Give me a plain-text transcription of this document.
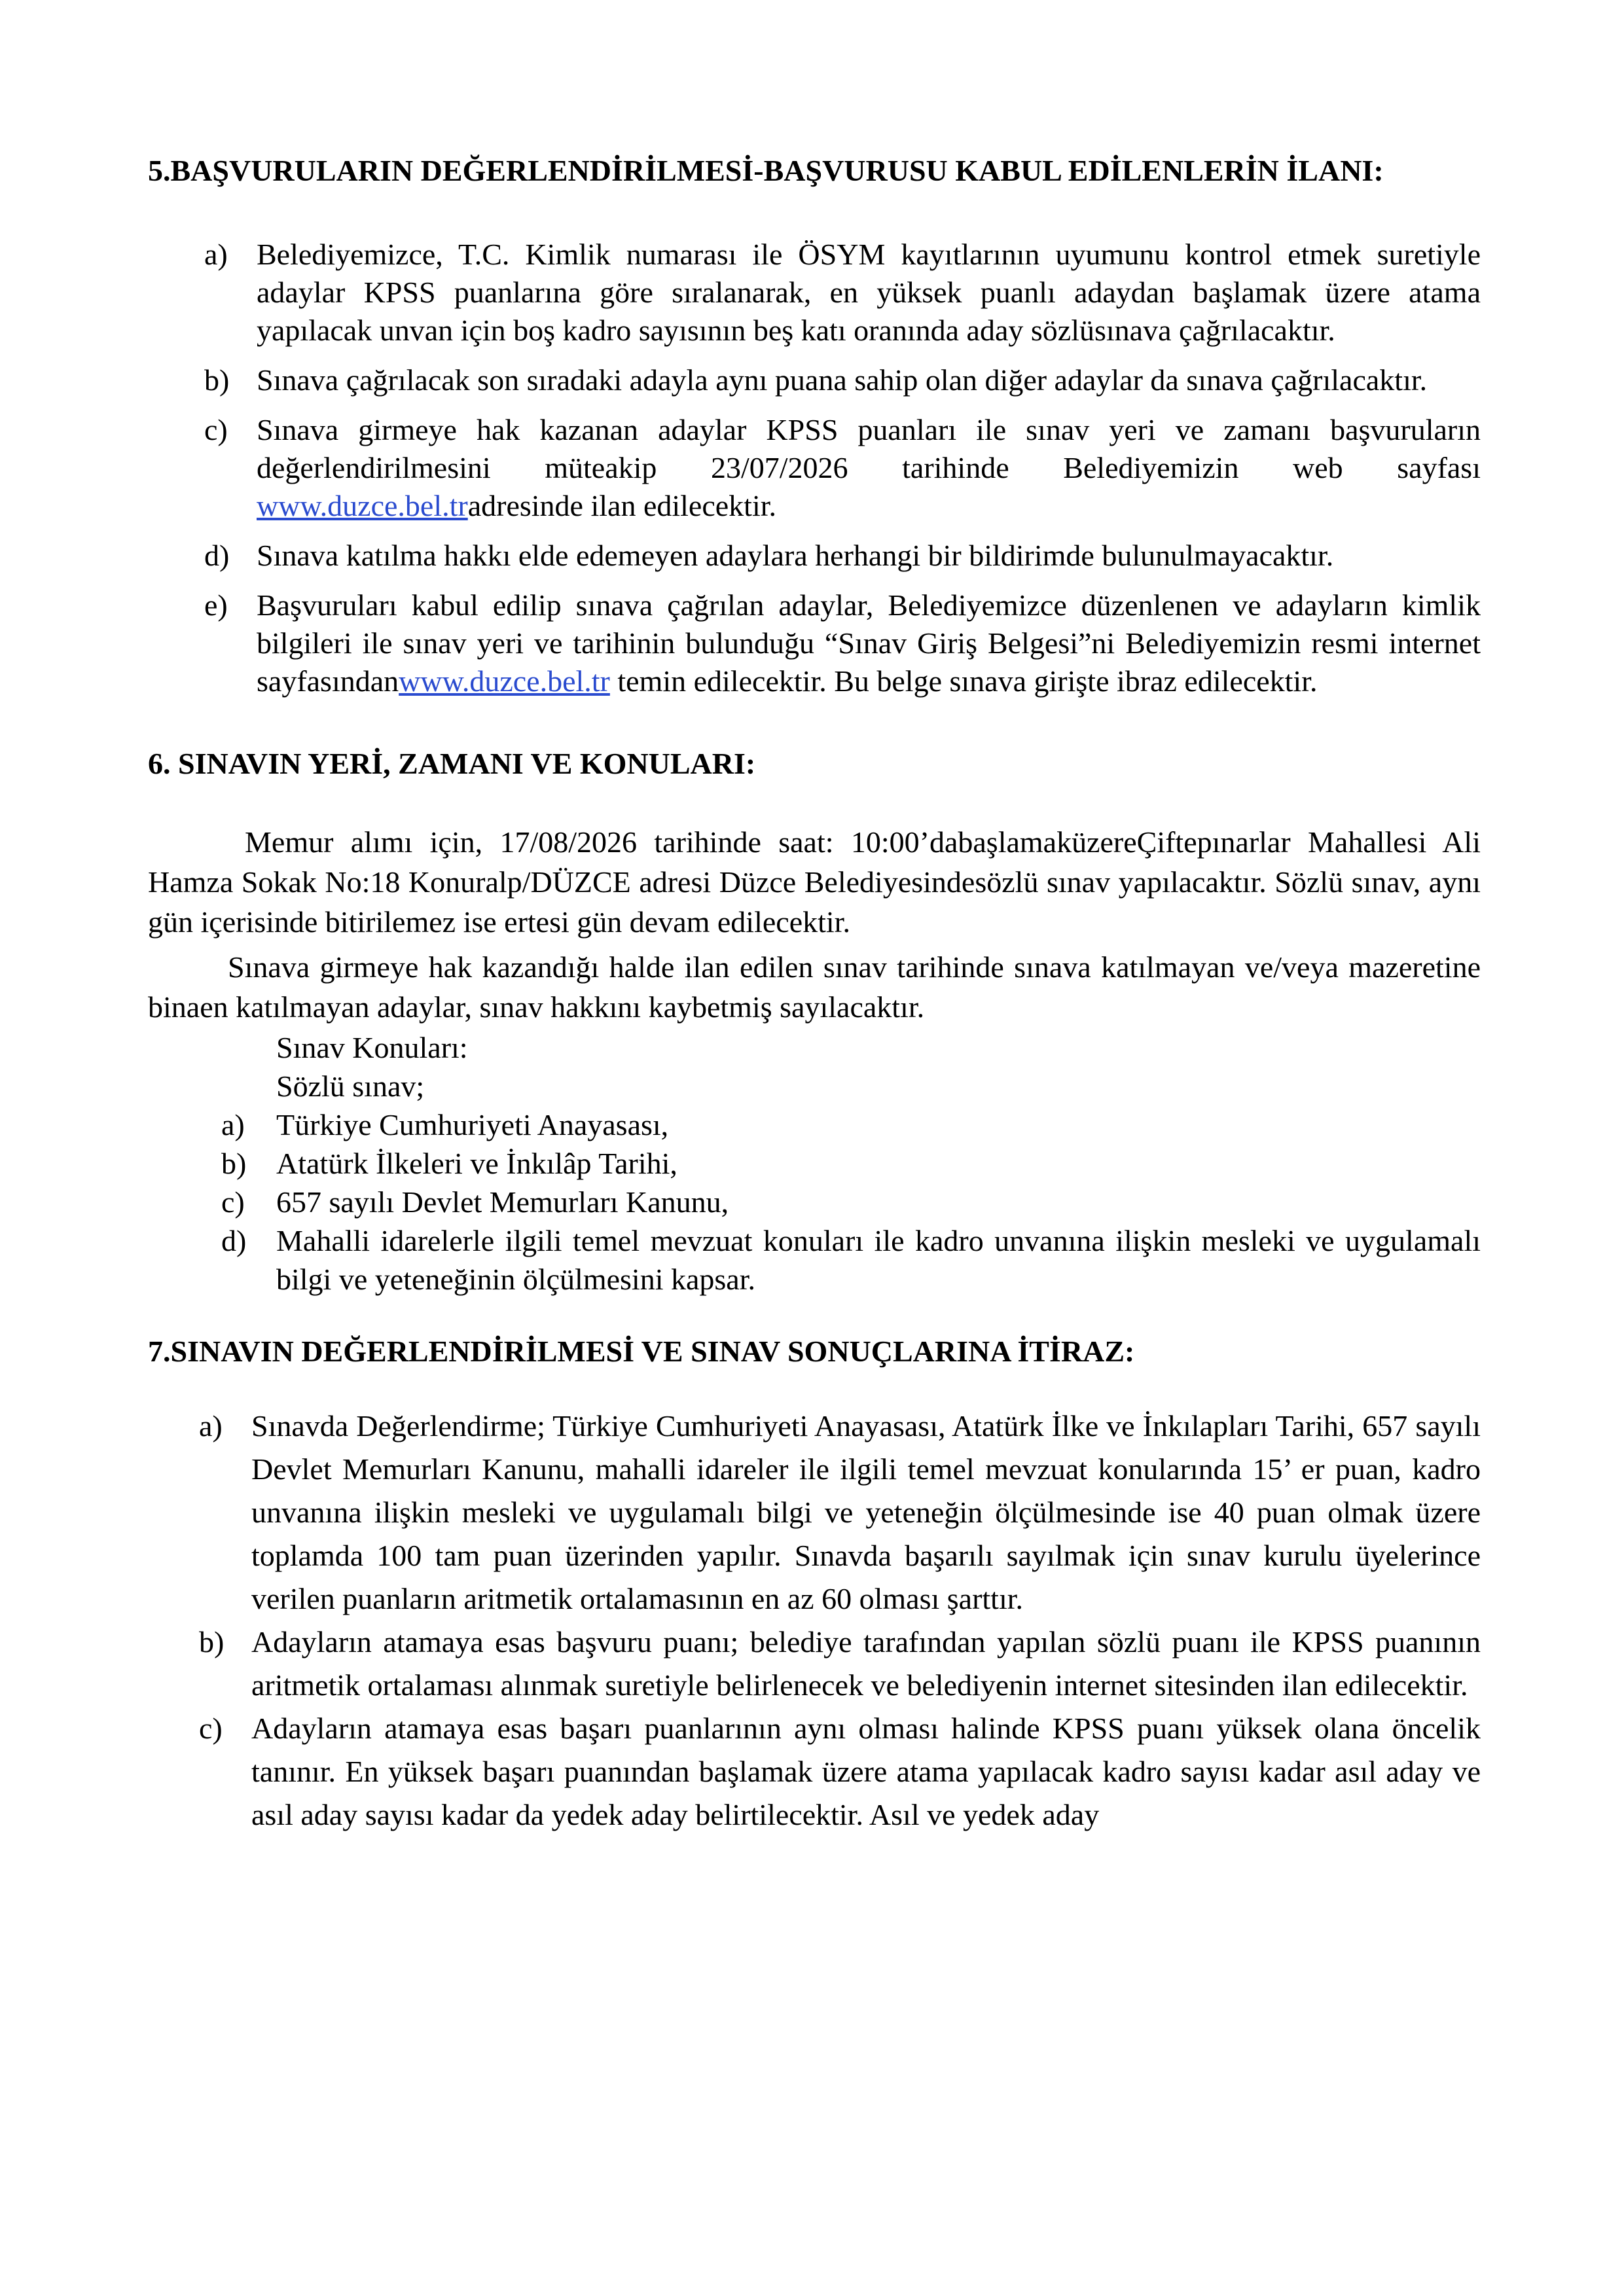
5.BAŞVURULARIN DEĞERLENDİRİLMESİ-BAŞVURUSU KABUL EDİLENLERİN İLANI:
a) Belediyemizce, T.C. Kimlik numarası ile ÖSYM kayıtlarının uyumunu kontrol etmek suretiyle adaylar KPSS puanlarına göre sıralanarak, en yüksek puanlı adaydan başlamak üzere atama yapılacak unvan için boş kadro sayısının beş katı oranında aday sözlüsınava çağrılacaktır.
b) Sınava çağrılacak son sıradaki adayla aynı puana sahip olan diğer adaylar da sınava çağrılacaktır.
c) Sınava girmeye hak kazanan adaylar KPSS puanları ile sınav yeri ve zamanı başvuruların değerlendirilmesini müteakip 23/07/2026 tarihinde Belediyemizin web sayfası www.duzce.bel.tradresinde ilan edilecektir.
d) Sınava katılma hakkı elde edemeyen adaylara herhangi bir bildirimde bulunulmayacaktır.
e) Başvuruları kabul edilip sınava çağrılan adaylar, Belediyemizce düzenlenen ve adayların kimlik bilgileri ile sınav yeri ve tarihinin bulunduğu “Sınav Giriş Belgesi”ni Belediyemizin resmi internet sayfasındanwww.duzce.bel.tr temin edilecektir. Bu belge sınava girişte ibraz edilecektir.
6. SINAVIN YERİ, ZAMANI VE KONULARI:

Memur alımı için, 17/08/2026 tarihinde saat: 10:00’dabaşlamaküzereÇiftepınarlar Mahallesi Ali Hamza Sokak No:18 Konuralp/DÜZCE adresi Düzce Belediyesindesözlü sınav yapılacaktır. Sözlü sınav, aynı gün içerisinde bitirilemez ise ertesi gün devam edilecektir.

Sınava girmeye hak kazandığı halde ilan edilen sınav tarihinde sınava katılmayan ve/veya mazeretine binaen katılmayan adaylar, sınav hakkını kaybetmiş sayılacaktır.

Sınav Konuları:

Sözlü sınav;

a) Türkiye Cumhuriyeti Anayasası,
b) Atatürk İlkeleri ve İnkılâp Tarihi,
c) 657 sayılı Devlet Memurları Kanunu,
d) Mahalli idarelerle ilgili temel mevzuat konuları ile kadro unvanına ilişkin mesleki ve uygulamalı bilgi ve yeteneğinin ölçülmesini kapsar.
7.SINAVIN DEĞERLENDİRİLMESİ VE SINAV SONUÇLARINA İTİRAZ:
a) Sınavda Değerlendirme; Türkiye Cumhuriyeti Anayasası, Atatürk İlke ve İnkılapları Tarihi, 657 sayılı Devlet Memurları Kanunu, mahalli idareler ile ilgili temel mevzuat konularında 15’ er puan, kadro unvanına ilişkin mesleki ve uygulamalı bilgi ve yeteneğin ölçülmesinde ise 40 puan olmak üzere toplamda 100 tam puan üzerinden yapılır. Sınavda başarılı sayılmak için sınav kurulu üyelerince verilen puanların aritmetik ortalamasının en az 60 olması şarttır.
b) Adayların atamaya esas başvuru puanı; belediye tarafından yapılan sözlü puanı ile KPSS puanının aritmetik ortalaması alınmak suretiyle belirlenecek ve belediyenin internet sitesinden ilan edilecektir.
c) Adayların atamaya esas başarı puanlarının aynı olması halinde KPSS puanı yüksek olana öncelik tanınır. En yüksek başarı puanından başlamak üzere atama yapılacak kadro sayısı kadar asıl aday ve asıl aday sayısı kadar da yedek aday belirtilecektir. Asıl ve yedek aday
